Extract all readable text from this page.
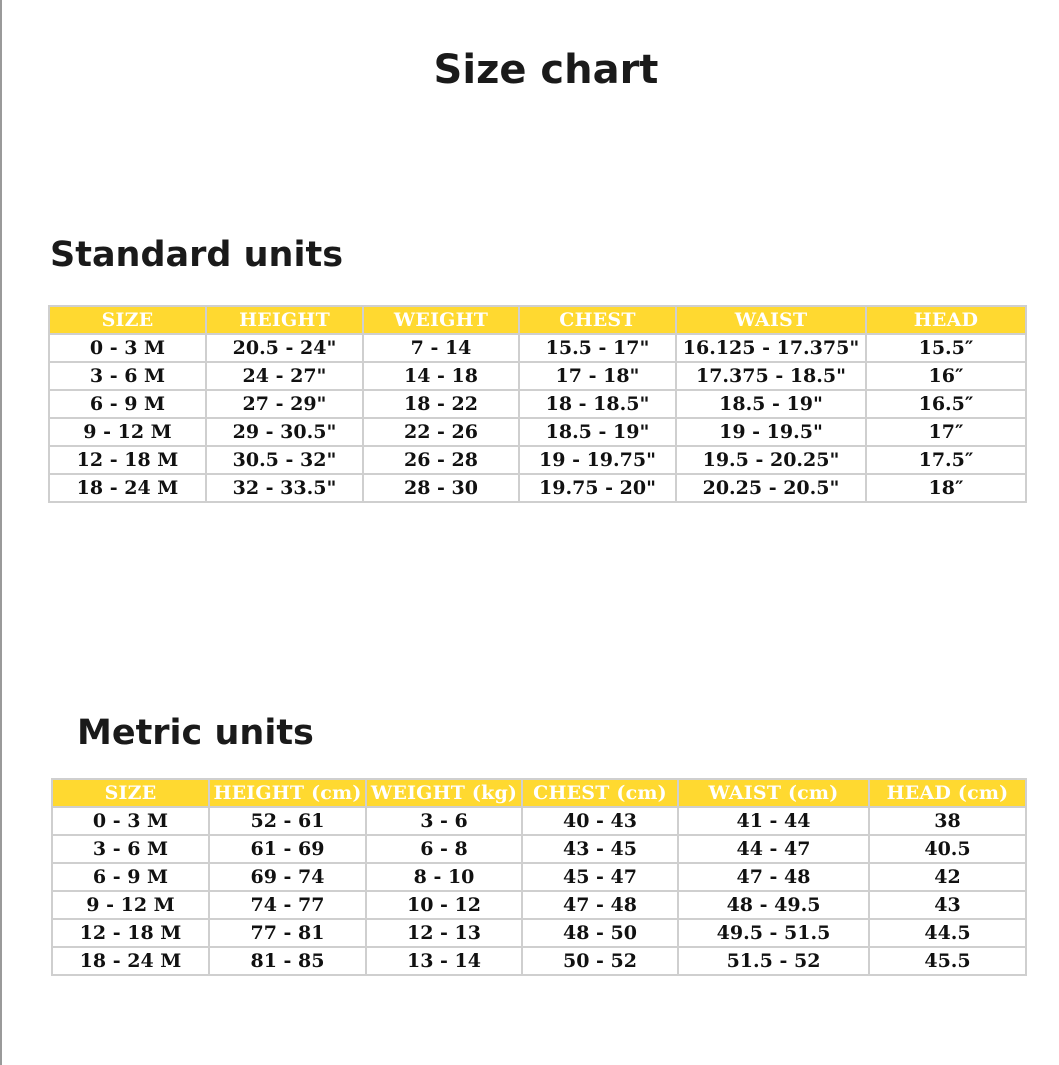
Size chart
Standard units
SIZE	HEIGHT	WEIGHT	CHEST	WAIST	HEAD
0 - 3 M	20.5 - 24"	7 - 14	15.5 - 17"	16.125 - 17.375"	15.5″
3 - 6 M	24 - 27"	14 - 18	17 - 18"	17.375 - 18.5"	16″
6 - 9 M	27 - 29"	18 - 22	18 - 18.5"	18.5 - 19"	16.5″
9 - 12 M	29 - 30.5"	22 - 26	18.5 - 19"	19 - 19.5"	17″
12 - 18 M	30.5 - 32"	26 - 28	19 - 19.75"	19.5 - 20.25"	17.5″
18 - 24 M	32 - 33.5"	28 - 30	19.75 - 20"	20.25 - 20.5"	18″
Metric units
SIZE	HEIGHT (cm)	WEIGHT (kg)	CHEST (cm)	WAIST (cm)	HEAD (cm)
0 - 3 M	52 - 61	3 - 6	40 - 43	41 - 44	38
3 - 6 M	61 - 69	6 - 8	43 - 45	44 - 47	40.5
6 - 9 M	69 - 74	8 - 10	45 - 47	47 - 48	42
9 - 12 M	74 - 77	10 - 12	47 - 48	48 - 49.5	43
12 - 18 M	77 - 81	12 - 13	48 - 50	49.5 - 51.5	44.5
18 - 24 M	81 - 85	13 - 14	50 - 52	51.5 - 52	45.5
